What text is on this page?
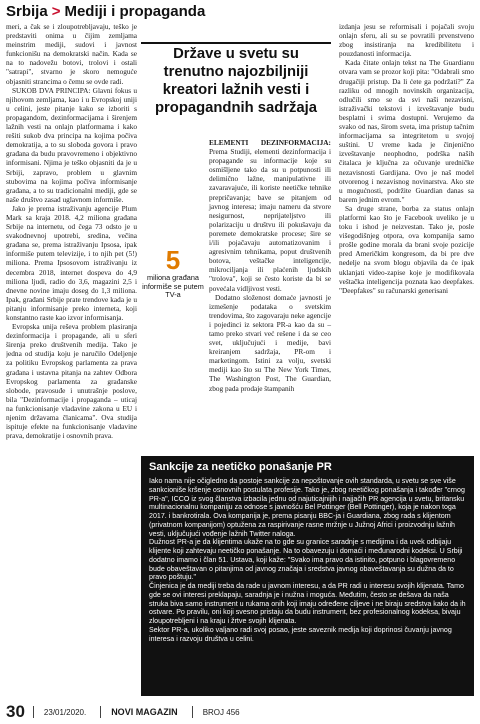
Srbija > Mediji i propaganda

meri, a čak se i zloupotrebljavaju, teško je predstaviti onima u čijim zemljama meinstrim mediji, sudovi i javnost funkcionišu na demokratski način. Kada se na to nadovežu botovi, trolovi i ostali "satrapi", stvarno je skoro nemoguće objasniti strancima o čemu se ovde radi.

SUKOB DVA PRINCIPA: Glavni fokus u njihovom zemljama, kao i u Evropskoj uniji u celini, jeste pitanje kako se izboriti s propagandom, dezinformacijama i širenjem lažnih vesti na onlajn platformama i kako rešiti sukob dva principa na kojima počiva demokratija, a to su sloboda govora i pravo građana da budu pravovremeno i objektivno informisani. Njima je teško objasniti da je u Srbiji, zapravo, problem u glavnim stubovima na kojima počiva informisanje građana, a to su tradicionalni mediji, gde se naše društvo zasad uglavnom informiše.

Jako je prema istraživanju agencije Plum Mark sa kraja 2018. 4,2 miliona građana Srbije na internetu, od čega 73 odsto je u svakodnevnoj upotrebi, sredina, večina građana se, prema istraživanju Ipsosa, ipak informiše putem televizije, i to njih pet (5!) miliona. Prema Ipsosovom istraživanju iz decembra 2018, internet dospeva do 4,9 miliona ljudi, radio do 3,6, magazini 2,5 i dnevne novine imaju doseg do 1,3 miliona. Ipak, građani Srbije prate trendove kada je u pitanju informisanje preko interneta, koji konstantno raste kao izvor informisanja.

Evropska unija reševa problem plasiranja dezinformacija i propagande, ali u sferi širenja preko društvenih medija. Tako je jedna od studija koju je naručilo Odeljenje za politiku Evropskog parlamenta za prava građana i ustavna pitanja na zahtev Odbora Evropskog parlamenta za građanske slobode, pravosuđe i unutrašnje poslove, bila "Dezinformacije i propaganda – uticaj na funkcionisanje vladavine zakona u EU i njenim državama članicama". Ova studija ispituje efekte na funkcionisanje vladavine prava, demokratije i osnovnih prava.

Države u svetu su trenutno najozbiljniji kreatori lažnih vesti i propagandnih sadržaja
5
miliona građana informiše se putem TV-a

ELEMENTI DEZINFORMACIJA: Prema Studiji, elementi dezinformacija i propagande su informacije koje su osmišljene tako da su u potpunosti ili delimično lažne, manipulativne ili zavaravajuće, ili koriste neetičke tehnike prepričavanja; bave se pitanjem od javnog interesa; imaju nameru da stvore nesigurnost, neprijateljstvo ili polarizaciju u društvu ili pokušavaju da poremete demokratske procese; šire se i/ili pojačavaju automatizovanim i agresivnim tehnikama, poput društvenih botova, veštačke inteligencije, mikrociljanja ili plaćenih ljudskih "trolova", koji se često koriste da bi se povećala vidljivost vesti.

Dodatno složenost domaće javnosti je izmešenje podataka o svetskim trendovima, što zagovaraju neke agencije i pojedinci iz sektora PR-a kao da su – tamo preko stvari već rešene i da se ceo svet, uključujući i medije, bavi kreiranjem sadržaja, PR-om i marketingom. Istini za volju, svetski mediji kao što su The New York Times, The Washington Post, The Guardian, zbog pada prodaje štampanih

izdanja jesu se reformisali i pojačali svoju onlajn sferu, ali su se povratili prvenstveno zbog insistiranja na kredibilitetu i pouzdanosti informacija.

Kada čitate onlajn tekst na The Guardianu otvara vam se prozor koji pita: "Odabrali smo drugačiji pristup. Da li ćete ga podržati?" Za razliku od mnogih novinskih organizacija, odlučili smo se da svi naši nezavisni, istraživački tekstovi i izveštavanje budu besplatni i svima dostupni. Verujemo da svako od nas, širom sveta, ima pristup tačnim informacijama sa integritetom u svojoj suštini. U vreme kada je činjenično izveštavanje neophodno, podrška naših čitalaca je ključna za očuvanje uredničke nezavisnosti Gardijana. Ovo je naš model otvorenog i nezavisnog novinarstva. Ako ste u mogućnosti, podržite Guardian danas sa barem jednim evrom."

Sa druge strane, borba za status onlajn platformi kao što je Facebook uveliko je u toku i ishod je neizvestan. Tako je, posle višegodišnjeg otpora, ova kompanija samo prošle godine morala da brani svoje pozicije pred Američkim kongresom, da bi pre dve nedelje na svom blogu objavila da će ipak uklanjati video-zapise koje je modifikovala veštačka inteligencija poznata kao deepfakes. "Deepfakes" su računarski generisani

Sankcije za neetičko ponašanje PR

Iako nama nije očigledno da postoje sankcije za nepoštovanje ovih standarda, u svetu se sve više sankcioniše kršenje osnovnih postulata profesije. Tako je, zbog neetičkog ponašanja i također "crnog PR-a", ICCO iz svog članstva izbacila jednu od najuticajnijih i najjačih PR agencija u svetu, britansku multinacionalnu kompaniju za odnose s javnošću Bel Pottinger (Bell Pottinger), koja je nakon toga 2017. i bankrotirala. Ova kompanija je, prema pisanju BBC-ja i Guardiana, zbog rada s klijentom (privatnom kompanijom) optužena za raspirivanje rasne mržnje u Južnoj Africi i proizvodnju lažnih vesti, uključujući vođenje lažnih Twitter naloga.

Dužnost PR-a je da klijentima ukaže na to gde su granice saradnje s medijima i da uvek odbijaju klijente koji zahtevaju neetičko ponašanje. Na to obavezuju i domaći i međunarodni kodeksi. U Srbiji dodatno imamo i član 51. Ustava, koji kaže: "Svako ima pravo da istinito, potpuno i blagovremeno bude obaveštavan o pitanjima od javnog značaja i sredstva javnog obaveštavanja su dužna da to pravo poštuju."

Činjenica je da mediji treba da rade u javnom interesu, a da PR radi u interesu svojih klijenata. Tamo gde se ovi interesi preklapaju, saradnja je i nužna i moguća. Međutim, često se dešava da naša struka biva samo instrument u rukama onih koji imaju određene ciljeve i ne biraju sredstva kako da ih ostvare. Po pravilu, oni koji svesno pristaju da budu instrument, bez profesionalnog kodeksa, bivaju zloupotrebljeni i na kraju i žrtve svojih klijenata.

Sektor PR-a, ukoliko valjano radi svoj posao, jeste saveznik medija koji doprinosi čuvanju javnog interesa i razvoju društva u celini.

30 23/01/2020.	NOVI MAGAZIN	BROJ 456
